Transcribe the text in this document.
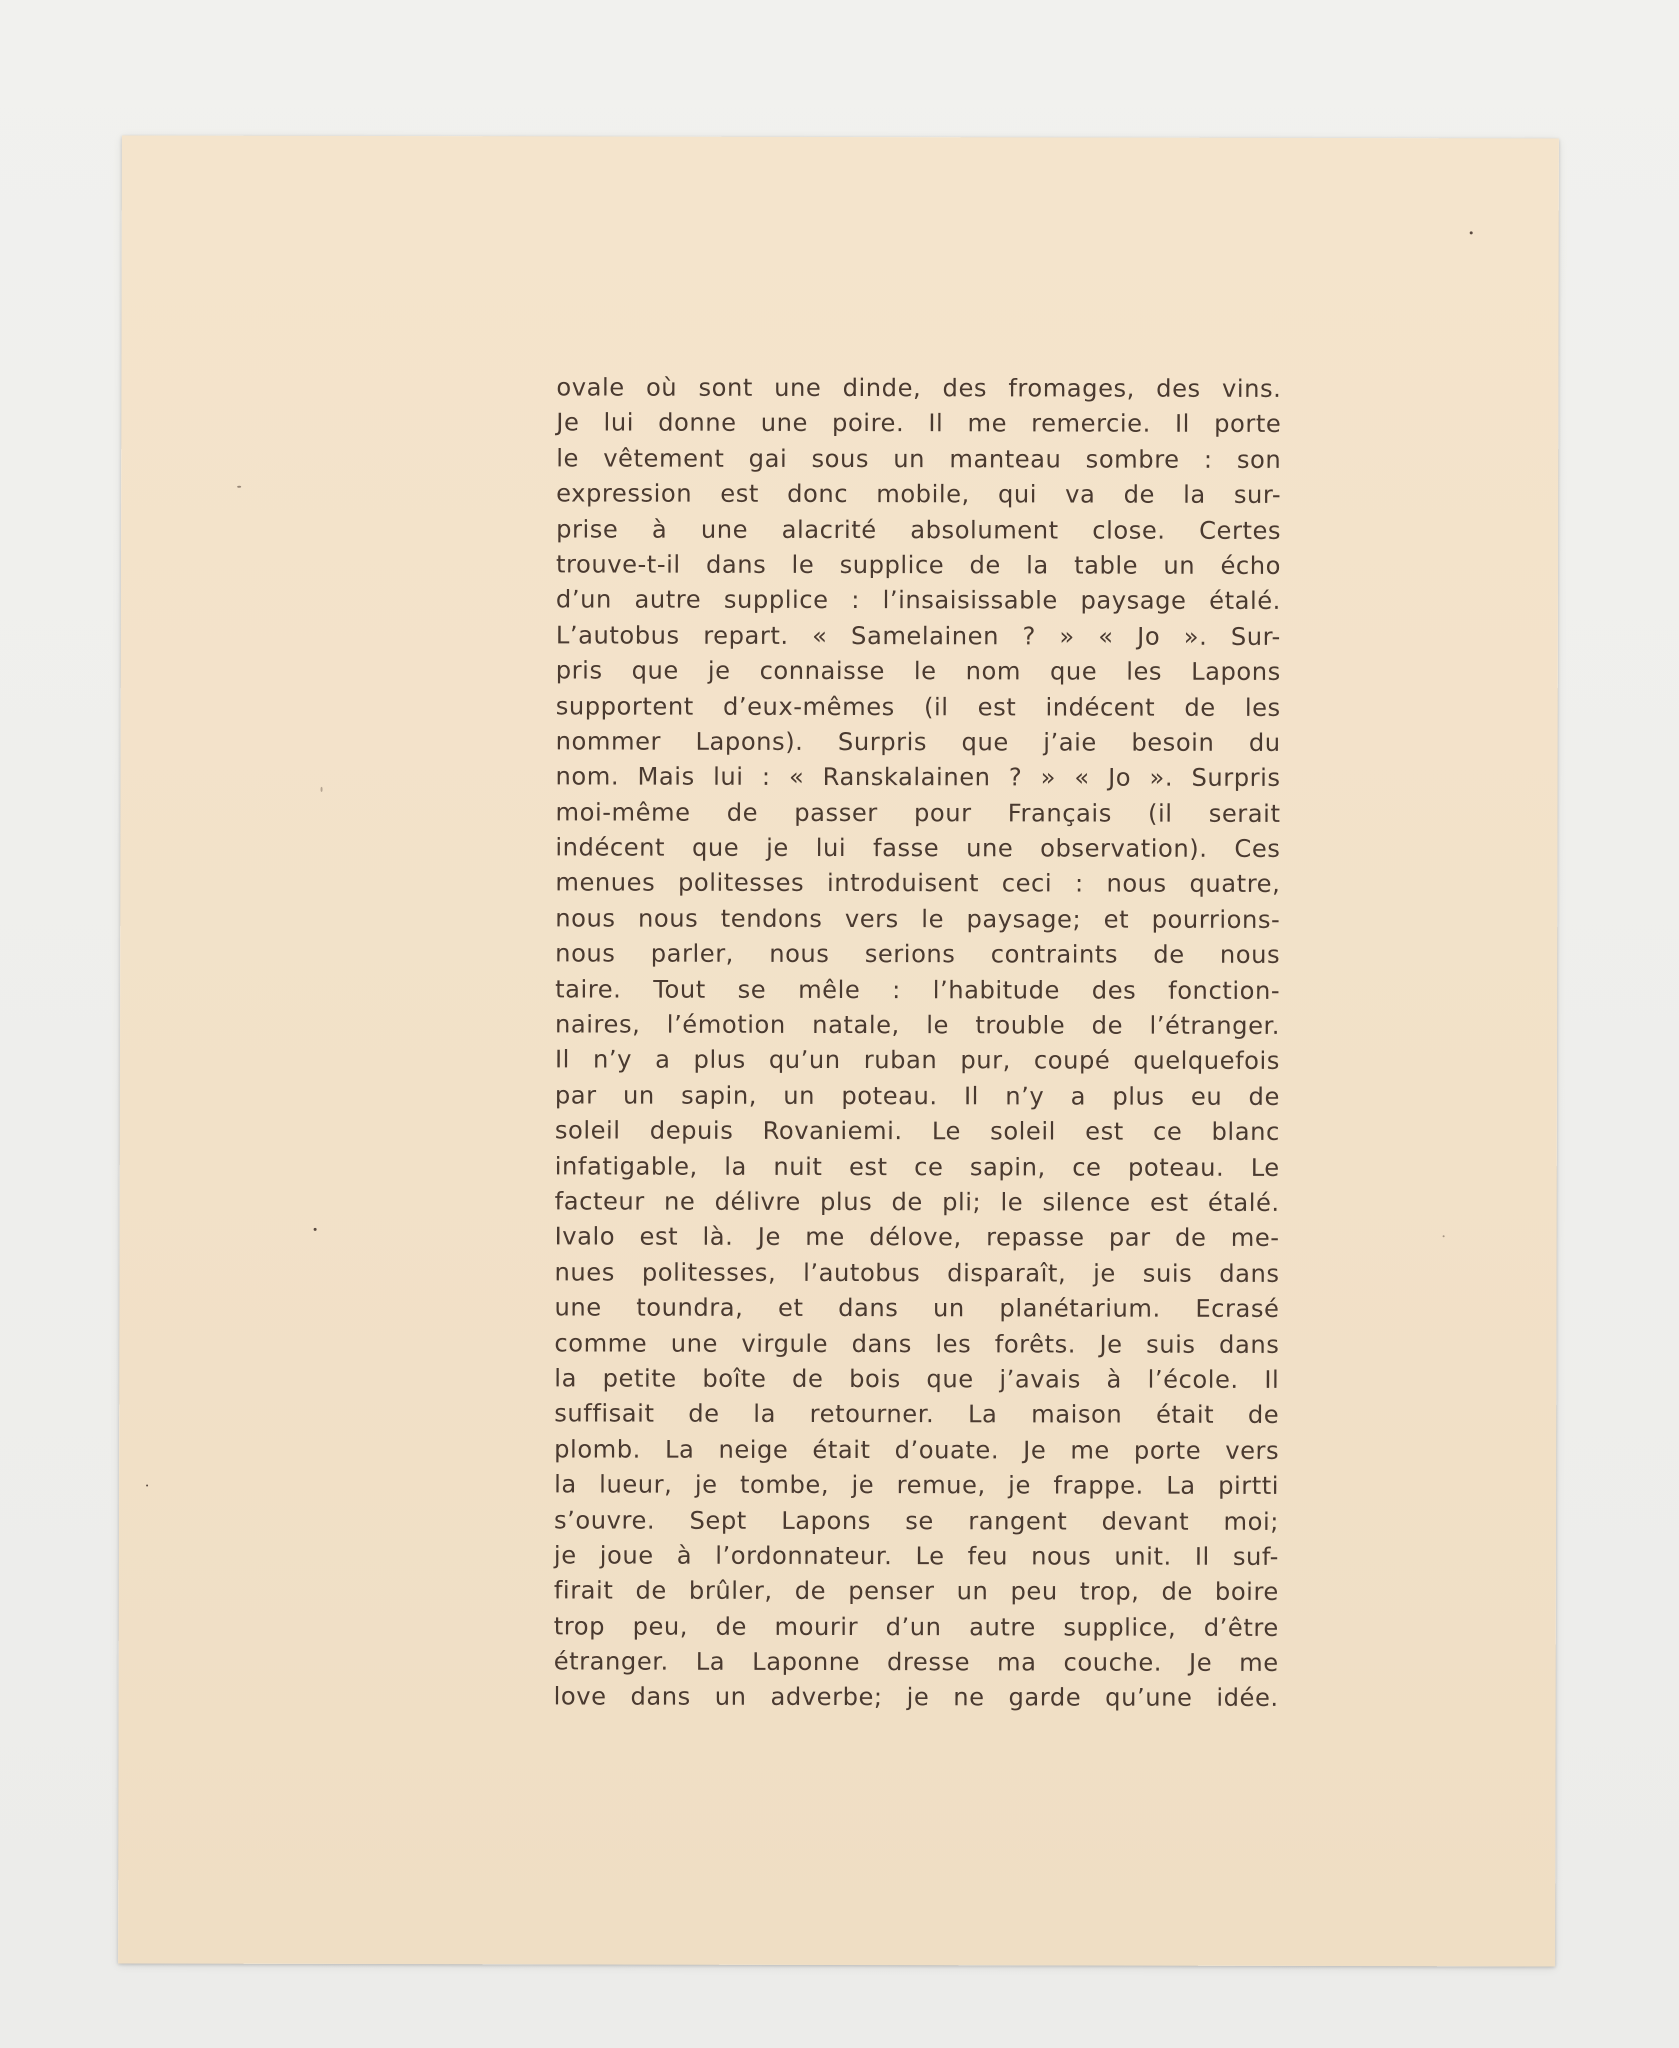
ovale où sont une dinde, des fromages, des vins.
Je lui donne une poire. Il me remercie. Il porte
le vêtement gai sous un manteau sombre : son
expression est donc mobile, qui va de la sur-
prise à une alacrité absolument close. Certes
trouve-t-il dans le supplice de la table un écho
d’un autre supplice : l’insaisissable paysage étalé.
L’autobus repart. « Samelainen ? » « Jo ». Sur-
pris que je connaisse le nom que les Lapons
supportent d’eux-mêmes (il est indécent de les
nommer Lapons). Surpris que j’aie besoin du
nom. Mais lui : « Ranskalainen ? » « Jo ». Surpris
moi-même de passer pour Français (il serait
indécent que je lui fasse une observation). Ces
menues politesses introduisent ceci : nous quatre,
nous nous tendons vers le paysage; et pourrions-
nous parler, nous serions contraints de nous
taire. Tout se mêle : l’habitude des fonction-
naires, l’émotion natale, le trouble de l’étranger.
Il n’y a plus qu’un ruban pur, coupé quelquefois
par un sapin, un poteau. Il n’y a plus eu de
soleil depuis Rovaniemi. Le soleil est ce blanc
infatigable, la nuit est ce sapin, ce poteau. Le
facteur ne délivre plus de pli; le silence est étalé.
Ivalo est là. Je me délove, repasse par de me-
nues politesses, l’autobus disparaît, je suis dans
une toundra, et dans un planétarium. Ecrasé
comme une virgule dans les forêts. Je suis dans
la petite boîte de bois que j’avais à l’école. Il
suffisait de la retourner. La maison était de
plomb. La neige était d’ouate. Je me porte vers
la lueur, je tombe, je remue, je frappe. La pirtti
s’ouvre. Sept Lapons se rangent devant moi;
je joue à l’ordonnateur. Le feu nous unit. Il suf-
firait de brûler, de penser un peu trop, de boire
trop peu, de mourir d’un autre supplice, d’être
étranger. La Laponne dresse ma couche. Je me
love dans un adverbe; je ne garde qu’une idée.
